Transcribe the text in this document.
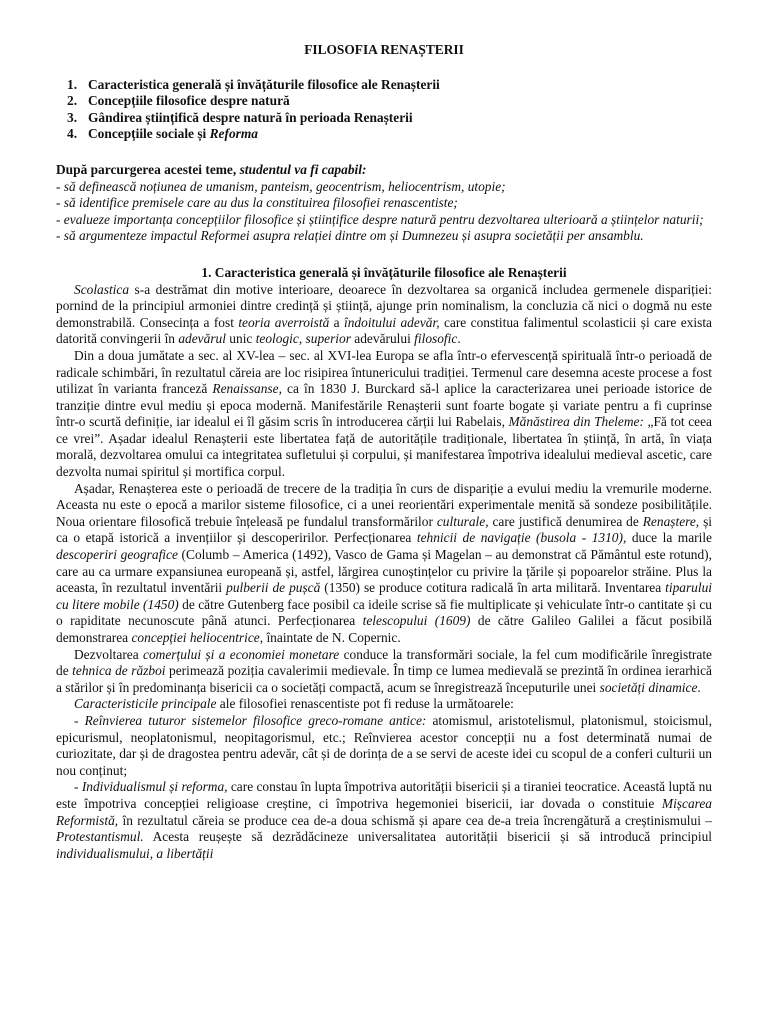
FILOSOFIA RENAȘTERII
1. Caracteristica generală și învățăturile filosofice ale Renașterii
2. Concepțiile filosofice despre natură
3. Gândirea științifică despre natură în perioada Renașterii
4. Concepțiile sociale și Reforma
După parcurgerea acestei teme, studentul va fi capabil:
- să definească noțiunea de umanism, panteism, geocentrism, heliocentrism, utopie;
- să identifice premisele care au dus la constituirea filosofiei renascentiste;
- evalueze importanța concepțiilor filosofice și științifice despre natură pentru dezvoltarea ulterioară a științelor naturii;
- să argumenteze impactul Reformei asupra relației dintre om și Dumnezeu și asupra societății per ansamblu.
1. Caracteristica generală și învățăturile filosofice ale Renașterii

Scolastica s-a destrămat din motive interioare, deoarece în dezvoltarea sa organică includea germenele dispariției: pornind de la principiul armoniei dintre credință și știință, ajunge prin nominalism, la concluzia că nici o dogmă nu este demonstrabilă. Consecința a fost teoria averroistă a îndoitului adevăr, care constitua falimentul scolasticii și care exista datorită convingerii în adevărul unic teologic, superior adevărului filosofic.

Din a doua jumătate a sec. al XV-lea – sec. al XVI-lea Europa se afla într-o efervescență spirituală într-o perioadă de radicale schimbări, în rezultatul căreia are loc risipirea întunericului tradiției. Termenul care desemna aceste procese a fost utilizat în varianta franceză Renaissanse, ca în 1830 J. Burckard să-l aplice la caracterizarea unei perioade istorice de tranziție dintre evul mediu și epoca modernă. Manifestările Renașterii sunt foarte bogate și variate pentru a fi cuprinse într-o scurtă definiție, iar idealul ei îl găsim scris în introducerea cărții lui Rabelais, Mănăstirea din Theleme: „Fă tot ceea ce vrei”. Așadar idealul Renașterii este libertatea față de autoritățile tradiționale, libertatea în știință, în artă, în viața morală, dezvoltarea omului ca integritatea sufletului și corpului, și manifestarea împotriva idealului medieval ascetic, care dezvolta numai spiritul și mortifica corpul.

Așadar, Renașterea este o perioadă de trecere de la tradiția în curs de dispariție a evului mediu la vremurile moderne. Aceasta nu este o epocă a marilor sisteme filosofice, ci a unei reorientări experimentale menită să sondeze posibilitățile. Noua orientare filosofică trebuie înțeleasă pe fundalul transformărilor culturale, care justifică denumirea de Renaștere, și ca o etapă istorică a invențiilor și descoperirilor. Perfecționarea tehnicii de navigație (busola - 1310), duce la marile descoperiri geografice (Columb – America (1492), Vasco de Gama și Magelan – au demonstrat că Pământul este rotund), care au ca urmare expansiunea europeană și, astfel, lărgirea cunoștințelor cu privire la țările și popoarelor străine. Plus la aceasta, în rezultatul inventării pulberii de pușcă (1350) se produce cotitura radicală în arta militară. Inventarea tiparului cu litere mobile (1450) de către Gutenberg face posibil ca ideile scrise să fie multiplicate și vehiculate într-o cantitate și cu o rapiditate necunoscute până atunci. Perfecționarea telescopului (1609) de către Galileo Galilei a făcut posibilă demonstrarea concepției heliocentrice, înaintate de N. Copernic.

Dezvoltarea comerțului și a economiei monetare conduce la transformări sociale, la fel cum modificările înregistrate de tehnica de război perimează poziția cavalerimii medievale. În timp ce lumea medievală se prezintă în ordinea ierarhică a stărilor și în predominanța bisericii ca o societăți compactă, acum se înregistrează începuturile unei societăți dinamice.

Caracteristicile principale ale filosofiei renascentiste pot fi reduse la următoarele:

- Reînvierea tuturor sistemelor filosofice greco-romane antice: atomismul, aristotelismul, platonismul, stoicismul, epicurismul, neoplatonismul, neopitagorismul, etc.; Reînvierea acestor concepții nu a fost determinată numai de curiozitate, dar și de dragostea pentru adevăr, cât și de dorința de a se servi de aceste idei cu scopul de a conferi culturii un nou conținut;

- Individualismul și reforma, care constau în lupta împotriva autorității bisericii și a tiraniei teocratice. Această luptă nu este împotriva concepției religioase creștine, ci împotriva hegemoniei bisericii, iar dovada o constituie Mișcarea Reformistă, în rezultatul căreia se produce cea de-a doua schismă și apare cea de-a treia încrengătură a creștinismului – Protestantismul. Acesta reușește să dezrădăcineze universalitatea autorității bisericii și să introducă principiul individualismului, a libertății
